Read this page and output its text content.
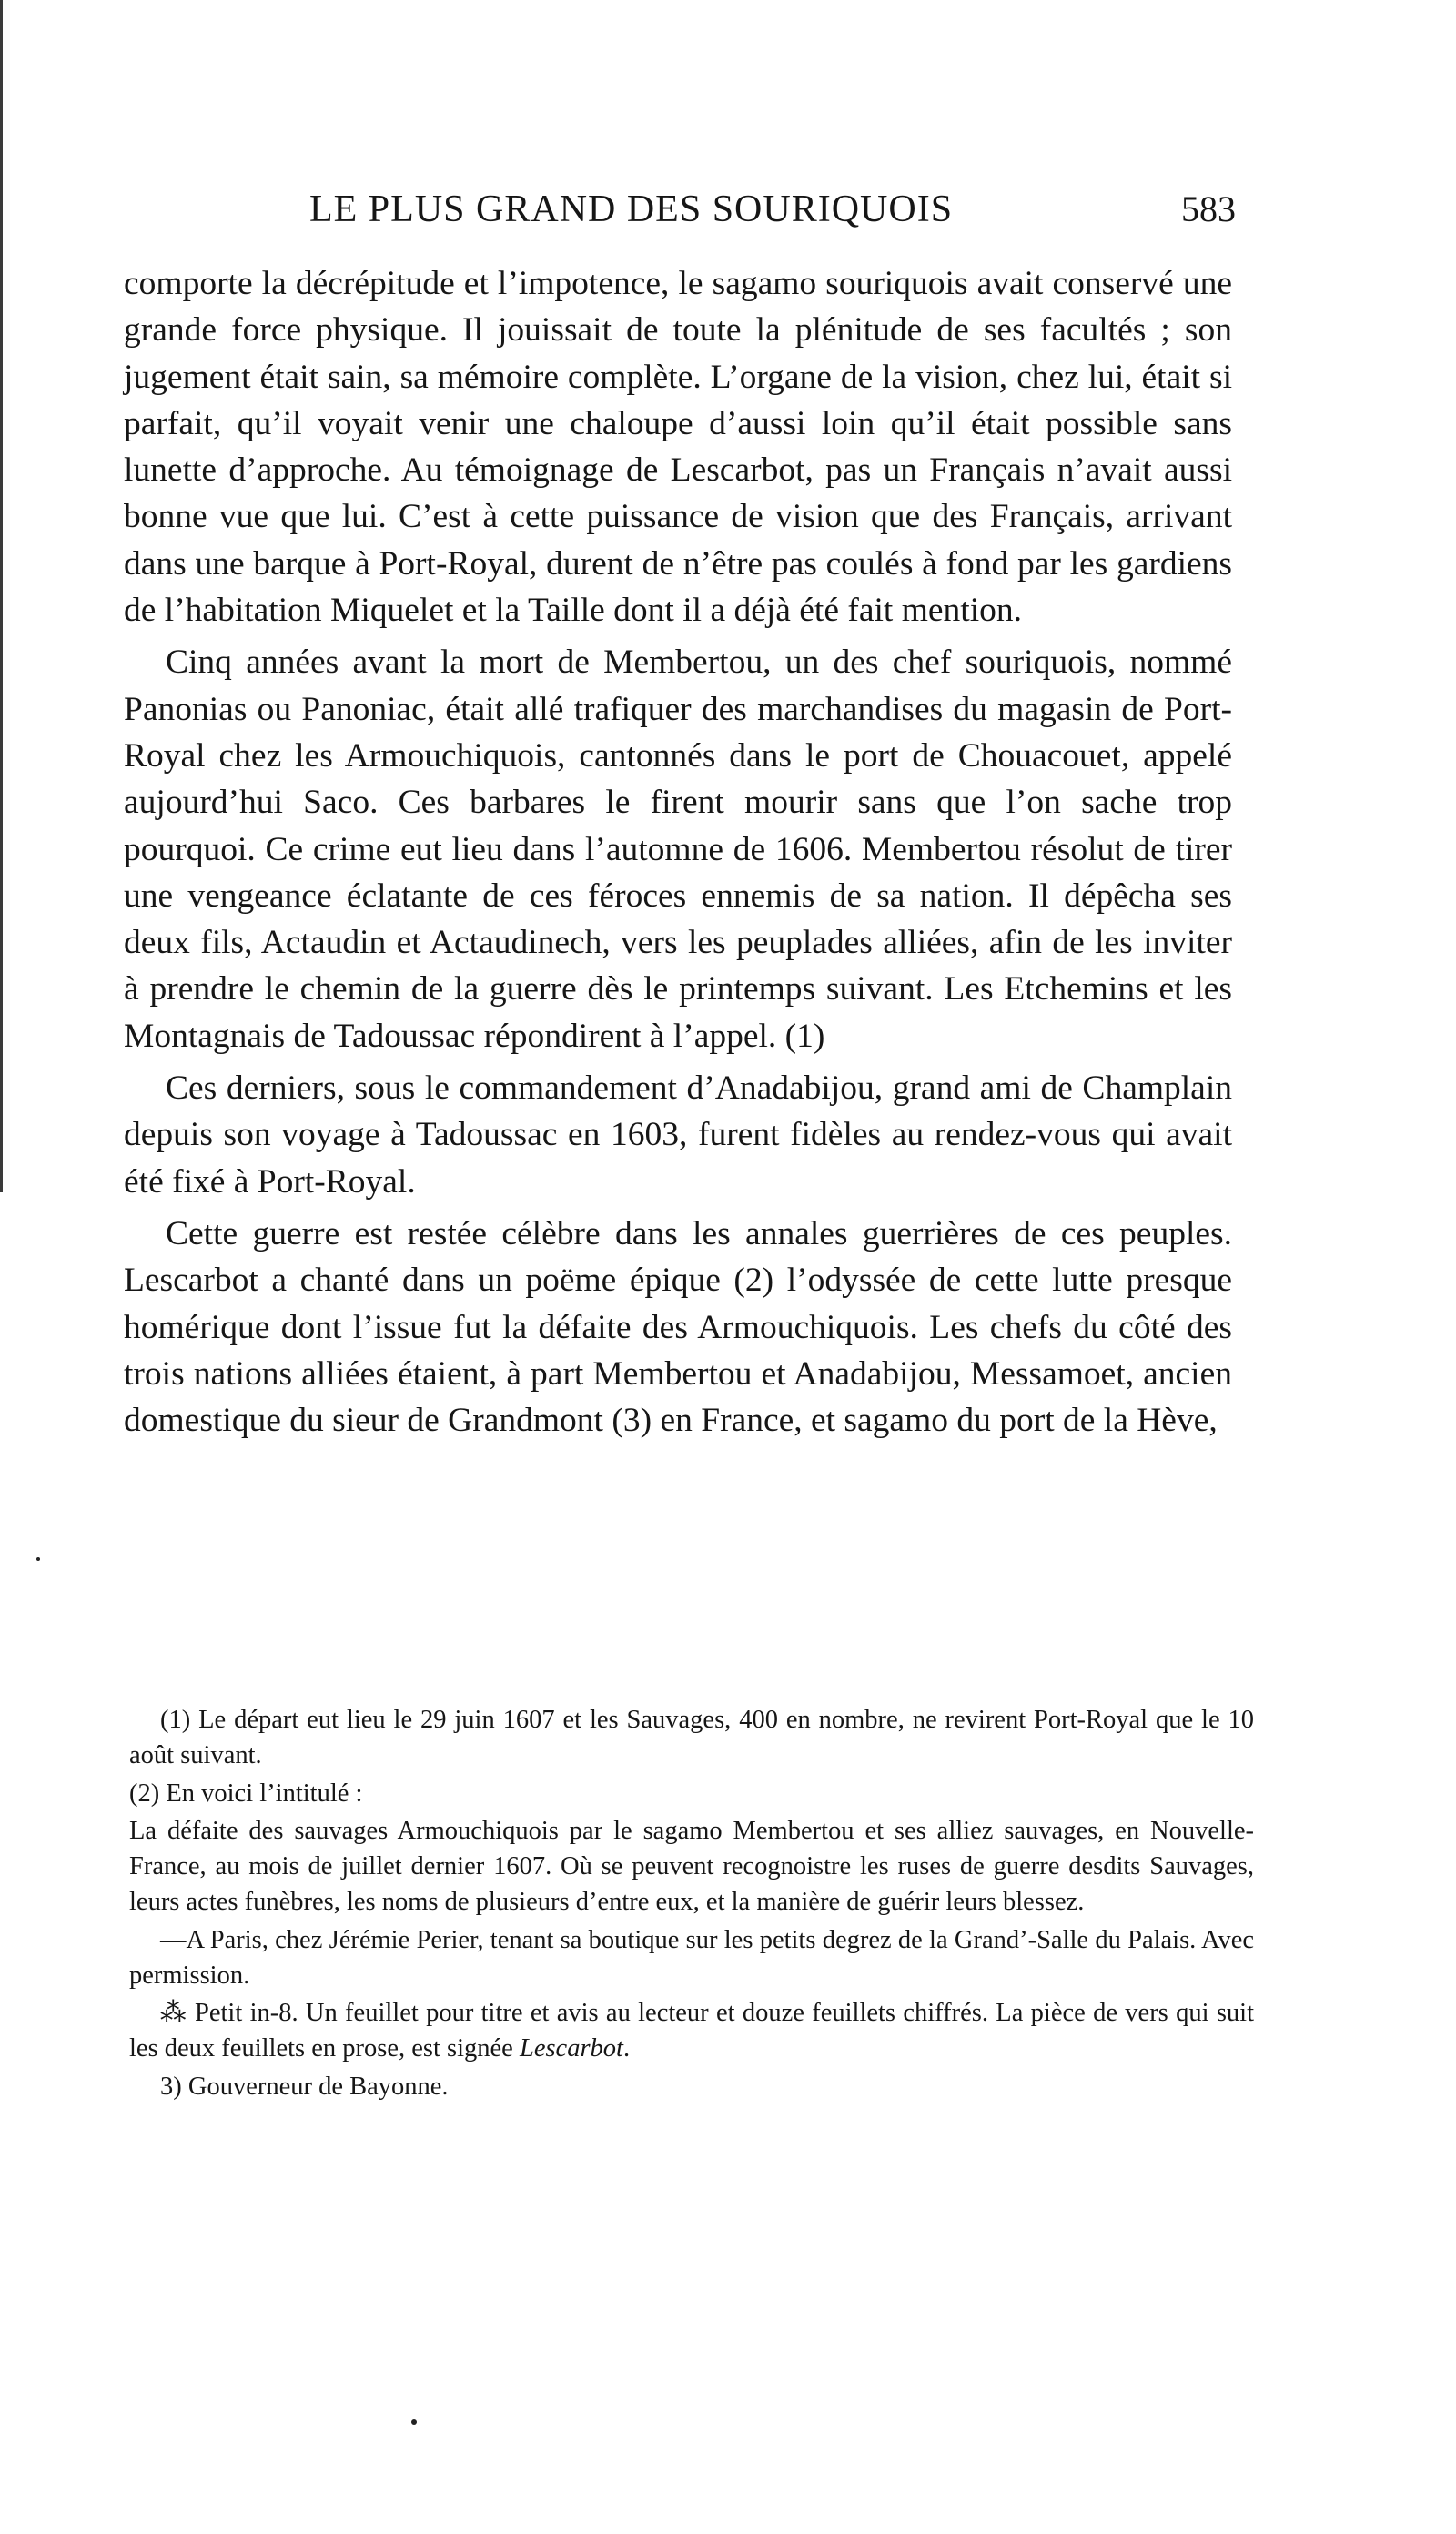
LE PLUS GRAND DES SOURIQUOIS	583

comporte la décrépitude et l’impotence, le sagamo souriquois avait conservé une grande force physique. Il jouissait de toute la plénitude de ses facultés ; son jugement était sain, sa mémoire complète. L’organe de la vision, chez lui, était si parfait, qu’il voyait venir une chaloupe d’aussi loin qu’il était possible sans lunette d’approche. Au témoignage de Lescarbot, pas un Français n’avait aussi bonne vue que lui. C’est à cette puissance de vision que des Français, arrivant dans une barque à Port-Royal, durent de n’être pas coulés à fond par les gardiens de l’habitation Miquelet et la Taille dont il a déjà été fait mention.

Cinq années avant la mort de Membertou, un des chef souriquois, nommé Panonias ou Panoniac, était allé trafiquer des marchandises du magasin de Port-Royal chez les Armouchiquois, cantonnés dans le port de Chouacouet, appelé aujourd’hui Saco. Ces barbares le firent mourir sans que l’on sache trop pourquoi. Ce crime eut lieu dans l’automne de 1606. Membertou résolut de tirer une vengeance éclatante de ces féroces ennemis de sa nation. Il dépêcha ses deux fils, Actaudin et Actaudinech, vers les peuplades alliées, afin de les inviter à prendre le chemin de la guerre dès le printemps suivant. Les Etchemins et les Montagnais de Tadoussac répondirent à l’appel. (1)

Ces derniers, sous le commandement d’Anadabijou, grand ami de Champlain depuis son voyage à Tadoussac en 1603, furent fidèles au rendez-vous qui avait été fixé à Port-Royal.

Cette guerre est restée célèbre dans les annales guerrières de ces peuples. Lescarbot a chanté dans un poëme épique (2) l’odyssée de cette lutte presque homérique dont l’issue fut la défaite des Armouchiquois. Les chefs du côté des trois nations alliées étaient, à part Membertou et Anadabijou, Messamoet, ancien domestique du sieur de Grandmont (3) en France, et sagamo du port de la Hève,

(1) Le départ eut lieu le 29 juin 1607 et les Sauvages, 400 en nombre, ne revirent Port-Royal que le 10 août suivant.

(2) En voici l’intitulé :

La défaite des sauvages Armouchiquois par le sagamo Membertou et ses alliez sauvages, en Nouvelle-France, au mois de juillet dernier 1607. Où se peuvent recognoistre les ruses de guerre desdits Sauvages, leurs actes funèbres, les noms de plusieurs d’entre eux, et la manière de guérir leurs blessez.

—A Paris, chez Jérémie Perier, tenant sa boutique sur les petits degrez de la Grand’-Salle du Palais. Avec permission.

⁂ Petit in-8. Un feuillet pour titre et avis au lecteur et douze feuillets chiffrés. La pièce de vers qui suit les deux feuillets en prose, est signée Lescarbot.

3) Gouverneur de Bayonne.
